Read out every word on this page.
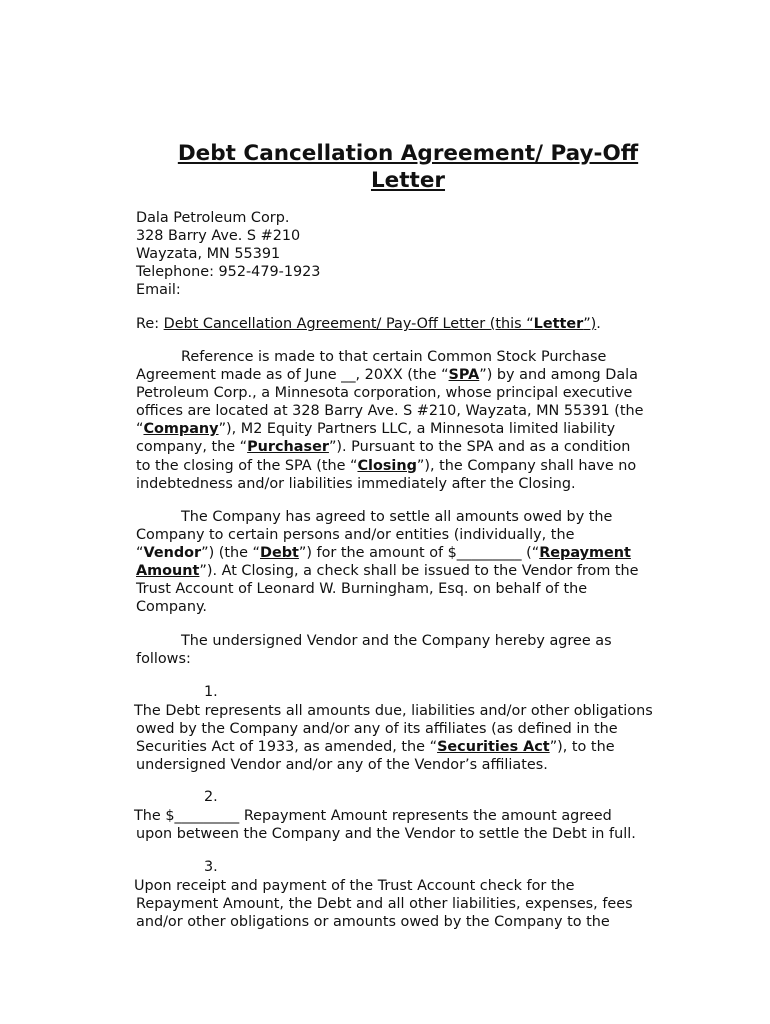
Debt Cancellation Agreement/ Pay-Off
Letter
Dala Petroleum Corp.
328 Barry Ave. S #210
Wayzata, MN 55391
Telephone: 952-479-1923
Email:
Re: Debt Cancellation Agreement/ Pay-Off Letter (this “Letter”).
Reference is made to that certain Common Stock Purchase
Agreement made as of June __, 20XX (the “SPA”) by and among Dala
Petroleum Corp., a Minnesota corporation, whose principal executive
offices are located at 328 Barry Ave. S #210, Wayzata, MN 55391 (the
“Company”), M2 Equity Partners LLC, a Minnesota limited liability
company, the “Purchaser”). Pursuant to the SPA and as a condition
to the closing of the SPA (the “Closing”), the Company shall have no
indebtedness and/or liabilities immediately after the Closing.
The Company has agreed to settle all amounts owed by the
Company to certain persons and/or entities (individually, the
“Vendor”) (the “Debt”) for the amount of $_________ (“Repayment
Amount”). At Closing, a check shall be issued to the Vendor from the
Trust Account of Leonard W. Burningham, Esq. on behalf of the
Company.
The undersigned Vendor and the Company hereby agree as
follows:
1.
The Debt represents all amounts due, liabilities and/or other obligations
owed by the Company and/or any of its affiliates (as defined in the
Securities Act of 1933, as amended, the “Securities Act”), to the
undersigned Vendor and/or any of the Vendor’s affiliates.
2.
The $_________ Repayment Amount represents the amount agreed
upon between the Company and the Vendor to settle the Debt in full.
3.
Upon receipt and payment of the Trust Account check for the
Repayment Amount, the Debt and all other liabilities, expenses, fees
and/or other obligations or amounts owed by the Company to the
